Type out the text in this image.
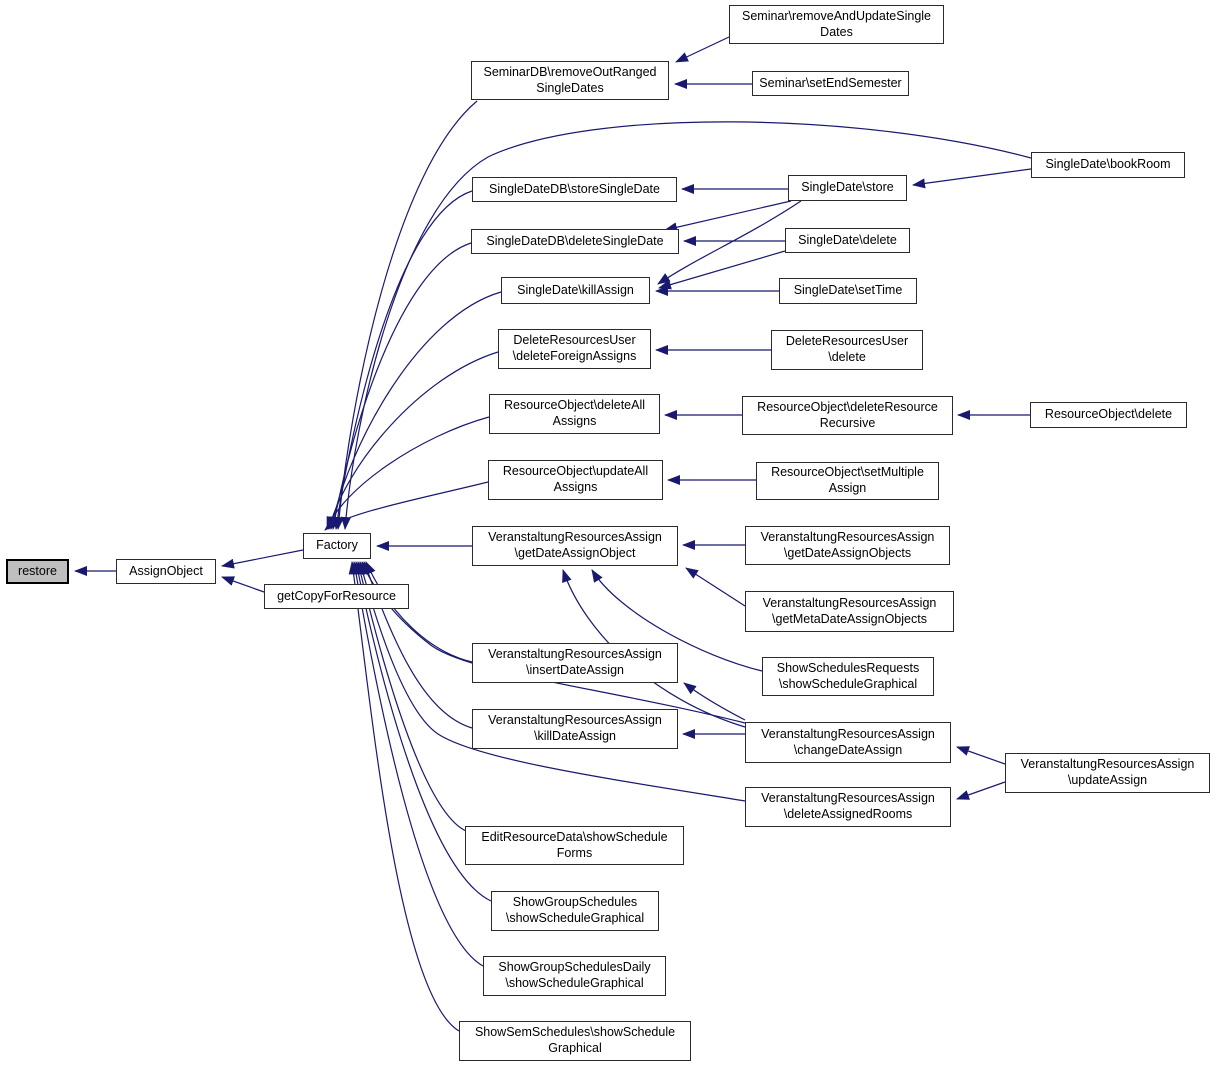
restore	AssignObject
getCopyForResource
Factory
Seminar\removeAndUpdateSingle
Dates
SeminarDB\removeOutRanged
SingleDates	Seminar\setEndSemester
SingleDateDB\storeSingleDate	SingleDate\store
SingleDate\bookRoom
SingleDateDB\deleteSingleDate	SingleDate\delete
SingleDate\killAssign	SingleDate\setTime
DeleteResourcesUser
\deleteForeignAssigns
DeleteResourcesUser
\delete
ResourceObject\deleteAll
Assigns
ResourceObject\deleteResource
Recursive
ResourceObject\delete
ResourceObject\updateAll
Assigns
ResourceObject\setMultiple
Assign
VeranstaltungResourcesAssign
\getDateAssignObject
VeranstaltungResourcesAssign
\getDateAssignObjects
VeranstaltungResourcesAssign
\getMetaDateAssignObjects
ShowSchedulesRequests
\showScheduleGraphical
VeranstaltungResourcesAssign
\insertDateAssign
VeranstaltungResourcesAssign
\killDateAssign	VeranstaltungResourcesAssign
\changeDateAssign
VeranstaltungResourcesAssign
\updateAssign
VeranstaltungResourcesAssign
\deleteAssignedRooms
EditResourceData\showSchedule
Forms
ShowGroupSchedules
\showScheduleGraphical
ShowGroupSchedulesDaily
\showScheduleGraphical
ShowSemSchedules\showSchedule
Graphical
